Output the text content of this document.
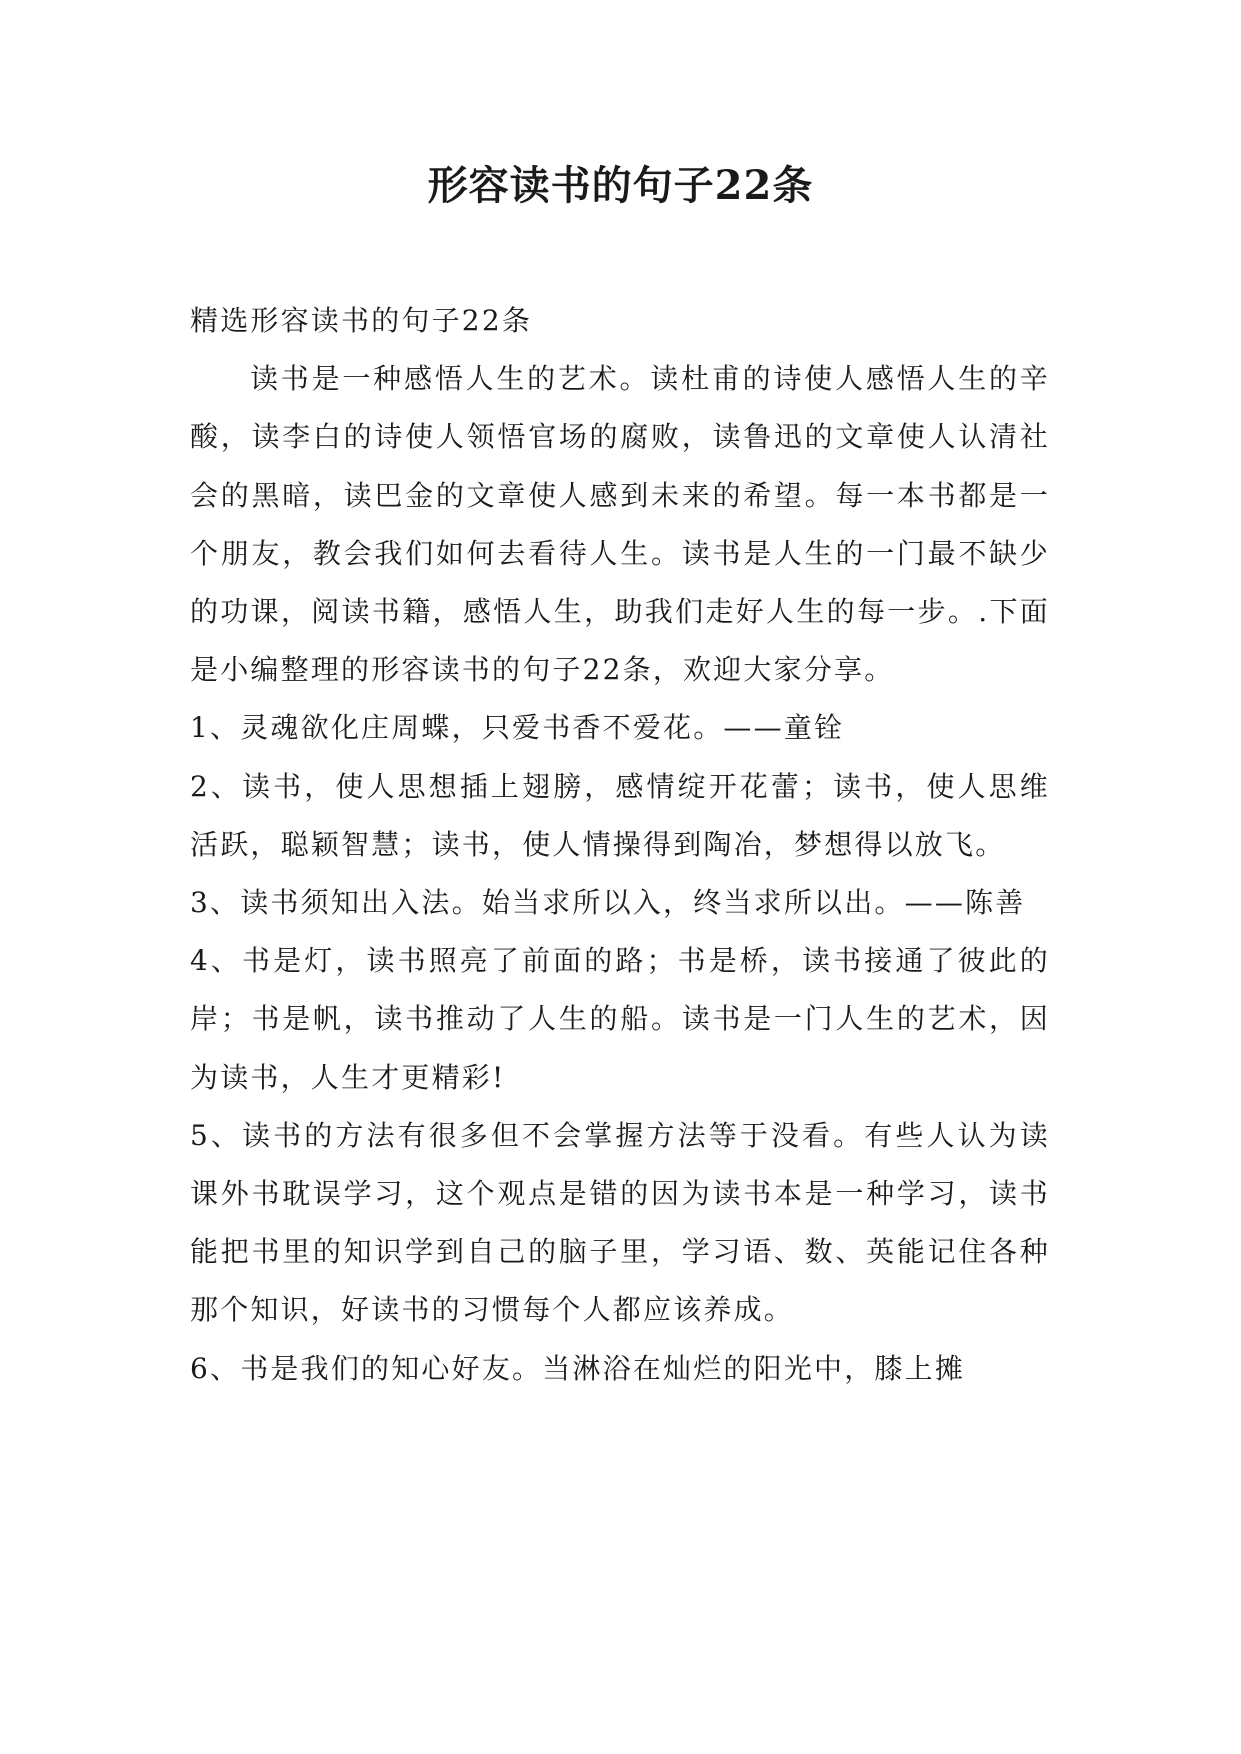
形容读书的句子22条

精选形容读书的句子22条

读书是一种感悟人生的艺术。读杜甫的诗使人感悟人生的辛酸，读李白的诗使人领悟官场的腐败，读鲁迅的文章使人认清社会的黑暗，读巴金的文章使人感到未来的希望。每一本书都是一个朋友，教会我们如何去看待人生。读书是人生的一门最不缺少的功课，阅读书籍，感悟人生，助我们走好人生的每一步。.下面是小编整理的形容读书的句子22条，欢迎大家分享。

1、灵魂欲化庄周蝶，只爱书香不爱花。——童铨

2、读书，使人思想插上翅膀，感情绽开花蕾；读书，使人思维活跃，聪颖智慧；读书，使人情操得到陶冶，梦想得以放飞。

3、读书须知出入法。始当求所以入，终当求所以出。——陈善

4、书是灯，读书照亮了前面的路；书是桥，读书接通了彼此的岸；书是帆，读书推动了人生的船。读书是一门人生的艺术，因为读书，人生才更精彩!

5、读书的方法有很多但不会掌握方法等于没看。有些人认为读课外书耽误学习，这个观点是错的因为读书本是一种学习，读书能把书里的知识学到自己的脑子里，学习语、数、英能记住各种那个知识，好读书的习惯每个人都应该养成。

6、书是我们的知心好友。当淋浴在灿烂的阳光中，膝上摊
